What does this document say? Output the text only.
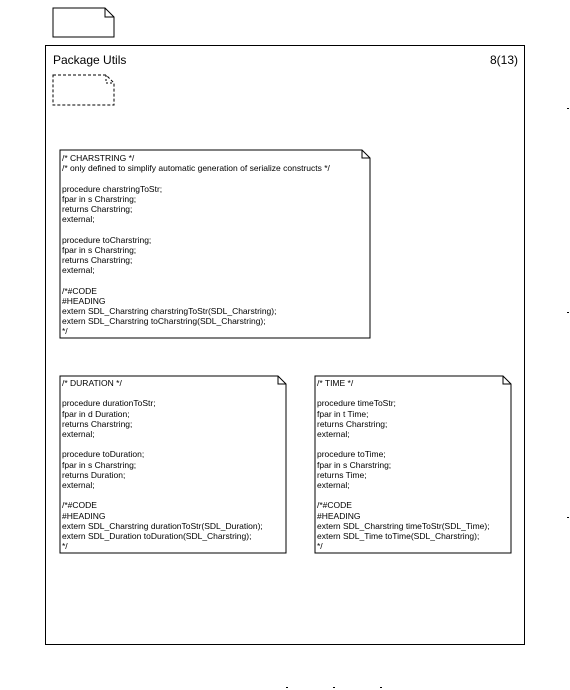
Package Utils	8(13)
/* CHARSTRING */
/* only defined to simplify automatic generation of serialize constructs */

procedure charstringToStr;
fpar in s Charstring;
returns Charstring;
external;

procedure toCharstring;
fpar in s Charstring;
returns Charstring;
external;

/*#CODE
#HEADING
extern SDL_Charstring charstringToStr(SDL_Charstring);
extern SDL_Charstring toCharstring(SDL_Charstring);
*/
/* DURATION */

procedure durationToStr;
fpar in d Duration;
returns Charstring;
external;

procedure toDuration;
fpar in s Charstring;
returns Duration;
external;

/*#CODE
#HEADING
extern SDL_Charstring durationToStr(SDL_Duration);
extern SDL_Duration toDuration(SDL_Charstring);
*/
/* TIME */

procedure timeToStr;
fpar in t Time;
returns Charstring;
external;

procedure toTime;
fpar in s Charstring;
returns Time;
external;

/*#CODE
#HEADING
extern SDL_Charstring timeToStr(SDL_Time);
extern SDL_Time toTime(SDL_Charstring);
*/
